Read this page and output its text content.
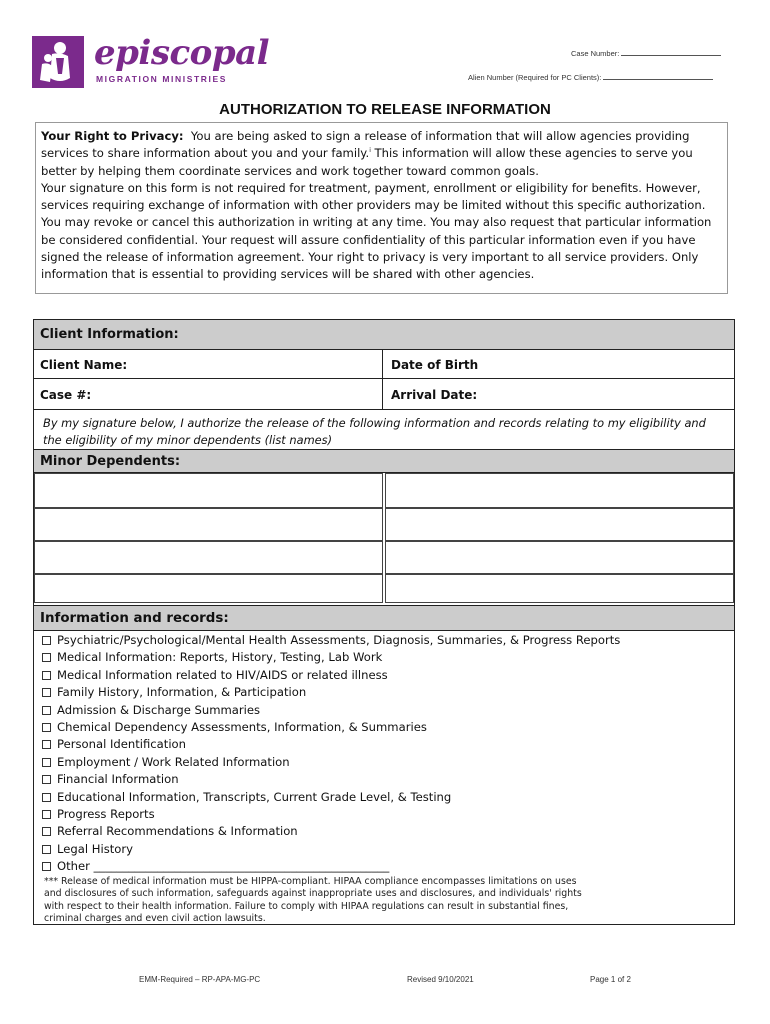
episcopal
MIGRATION MINISTRIES
Case Number:
Alien Number (Required for PC Clients):
AUTHORIZATION TO RELEASE INFORMATION

Your Right to Privacy: You are being asked to sign a release of information that will allow agencies providing services to share information about you and your family.$^i$ This information will allow these agencies to serve you better by helping them coordinate services and work together toward common goals.

Your signature on this form is not required for treatment, payment, enrollment or eligibility for benefits. However, services requiring exchange of information with other providers may be limited without this specific authorization. You may revoke or cancel this authorization in writing at any time. You may also request that particular information be considered confidential. Your request will assure confidentiality of this particular information even if you have signed the release of information agreement. Your right to privacy is very important to all service providers. Only information that is essential to providing services will be shared with other agencies.

Client Information:
Client Name:	Date of Birth
Case #:	Arrival Date:
By my signature below, I authorize the release of the following information and records relating to my eligibility and the eligibility of my minor dependents (list names)
Minor Dependents:
Information and records:
Psychiatric/Psychological/Mental Health Assessments, Diagnosis, Summaries, & Progress Reports
Medical Information: Reports, History, Testing, Lab Work
Medical Information related to HIV/AIDS or related illness
Family History, Information, & Participation
Admission & Discharge Summaries
Chemical Dependency Assessments, Information, & Summaries
Personal Identification
Employment / Work Related Information
Financial Information
Educational Information, Transcripts, Current Grade Level, & Testing
Progress Reports
Referral Recommendations & Information
Legal History
Other ___________________________________________________
*** Release of medical information must be HIPPA-compliant. HIPAA compliance encompasses limitations on uses
and disclosures of such information, safeguards against inappropriate uses and disclosures, and individuals' rights
with respect to their health information. Failure to comply with HIPAA regulations can result in substantial fines,
criminal charges and even civil action lawsuits.
EMM-Required – RP-APA-MG-PC	Revised 9/10/2021	Page 1 of 2
